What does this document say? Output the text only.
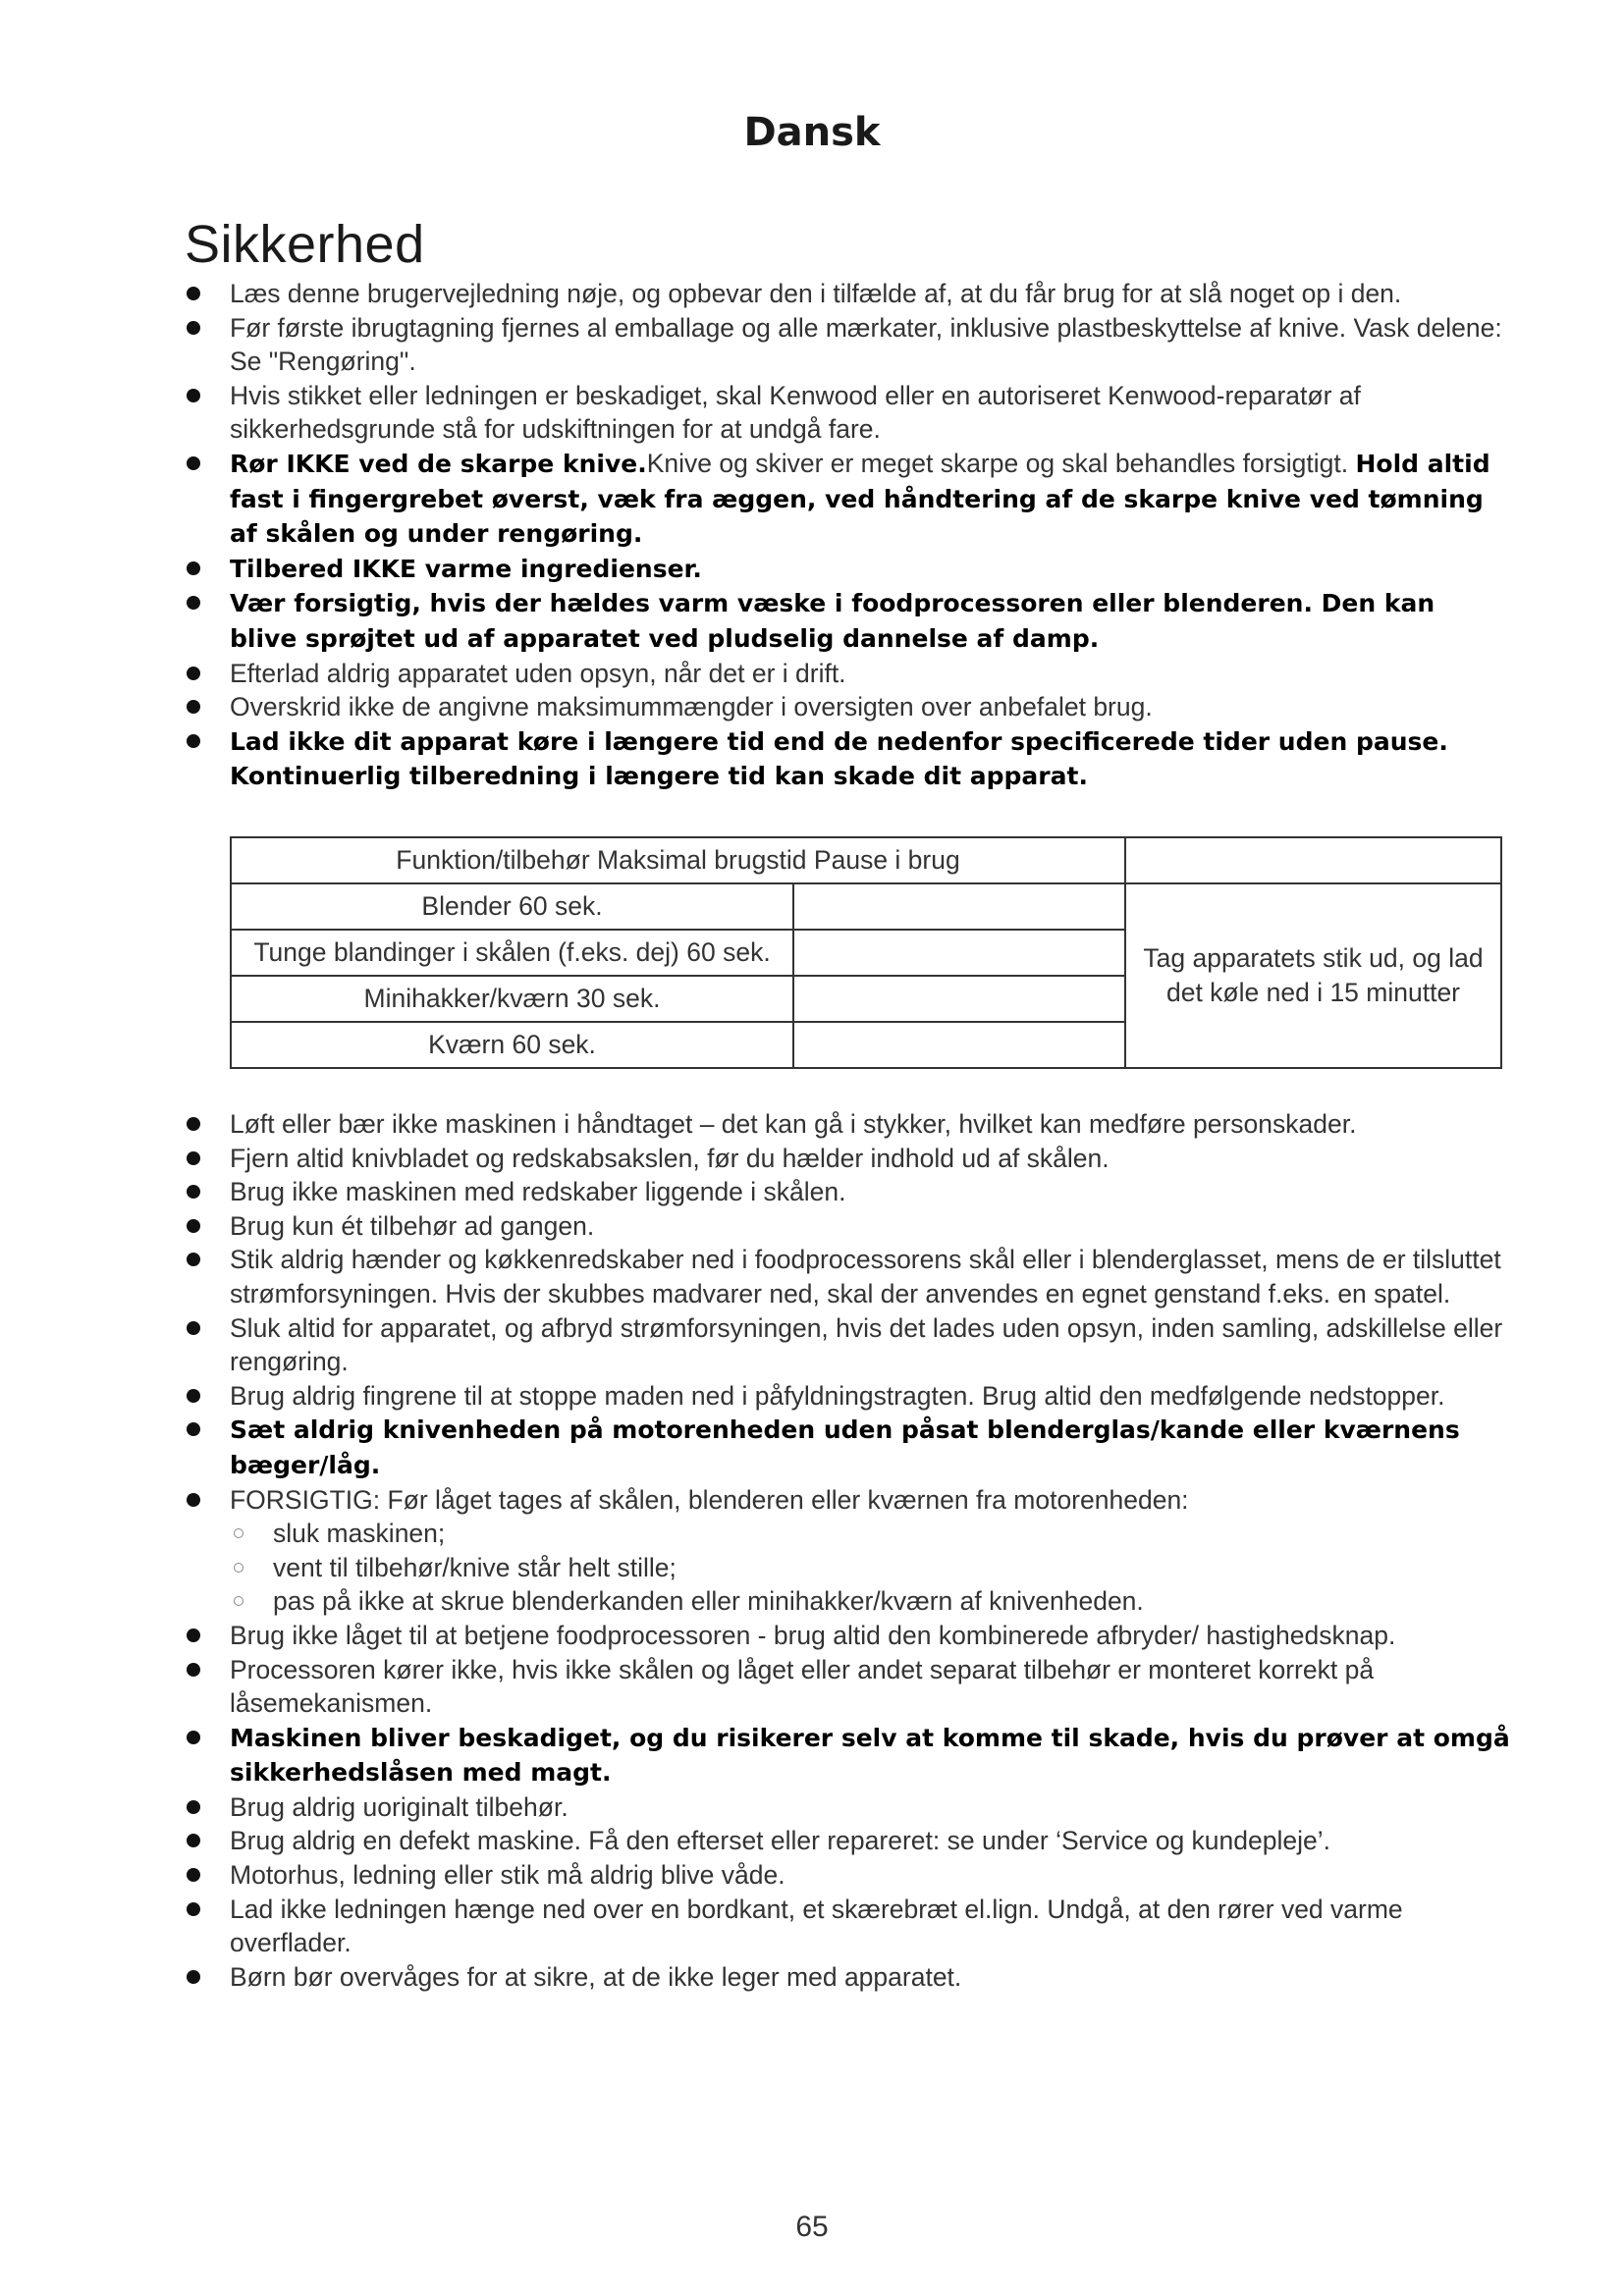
Dansk
Sikkerhed
Læs denne brugervejledning nøje, og opbevar den i tilfælde af, at du får brug for at slå noget op i den.
Før første ibrugtagning fjernes al emballage og alle mærkater, inklusive plastbeskyttelse af knive. Vask delene: Se "Rengøring".
Hvis stikket eller ledningen er beskadiget, skal Kenwood eller en autoriseret Kenwood-reparatør af sikkerhedsgrunde stå for udskiftningen for at undgå fare.
Rør IKKE ved de skarpe knive.Knive og skiver er meget skarpe og skal behandles forsigtigt. Hold altid fast i fingergrebet øverst, væk fra æggen, ved håndtering af de skarpe knive ved tømning af skålen og under rengøring.
Tilbered IKKE varme ingredienser.
Vær forsigtig, hvis der hældes varm væske i foodprocessoren eller blenderen. Den kan blive sprøjtet ud af apparatet ved pludselig dannelse af damp.
Efterlad aldrig apparatet uden opsyn, når det er i drift.
Overskrid ikke de angivne maksimummængder i oversigten over anbefalet brug.
Lad ikke dit apparat køre i længere tid end de nedenfor specificerede tider uden pause. Kontinuerlig tilberedning i længere tid kan skade dit apparat.
Funktion/tilbehør Maksimal brugstid Pause i brug		
Blender 60 sek.		Tag apparatets stik ud, og lad det køle ned i 15 minutter
Tunge blandinger i skålen (f.eks. dej) 60 sek.		
Minihakker/kværn 30 sek.		
Kværn 60 sek.		
Løft eller bær ikke maskinen i håndtaget – det kan gå i stykker, hvilket kan medføre personskader.
Fjern altid knivbladet og redskabsakslen, før du hælder indhold ud af skålen.
Brug ikke maskinen med redskaber liggende i skålen.
Brug kun ét tilbehør ad gangen.
Stik aldrig hænder og køkkenredskaber ned i foodprocessorens skål eller i blenderglasset, mens de er tilsluttet strømforsyningen. Hvis der skubbes madvarer ned, skal der anvendes en egnet genstand f.eks. en spatel.
Sluk altid for apparatet, og afbryd strømforsyningen, hvis det lades uden opsyn, inden samling, adskillelse eller rengøring.
Brug aldrig fingrene til at stoppe maden ned i påfyldningstragten. Brug altid den medfølgende nedstopper.
Sæt aldrig knivenheden på motorenheden uden påsat blenderglas/kande eller kværnens bæger/låg.
FORSIGTIG: Før låget tages af skålen, blenderen eller kværnen fra motorenheden:
sluk maskinen;
vent til tilbehør/knive står helt stille;
pas på ikke at skrue blenderkanden eller minihakker/kværn af knivenheden.
Brug ikke låget til at betjene foodprocessoren - brug altid den kombinerede afbryder/ hastighedsknap.
Processoren kører ikke, hvis ikke skålen og låget eller andet separat tilbehør er monteret korrekt på låsemekanismen.
Maskinen bliver beskadiget, og du risikerer selv at komme til skade, hvis du prøver at omgå sikkerhedslåsen med magt.
Brug aldrig uoriginalt tilbehør.
Brug aldrig en defekt maskine. Få den efterset eller repareret: se under ‘Service og kundepleje’.
Motorhus, ledning eller stik må aldrig blive våde.
Lad ikke ledningen hænge ned over en bordkant, et skærebræt el.lign. Undgå, at den rører ved varme overflader.
Børn bør overvåges for at sikre, at de ikke leger med apparatet.
65
